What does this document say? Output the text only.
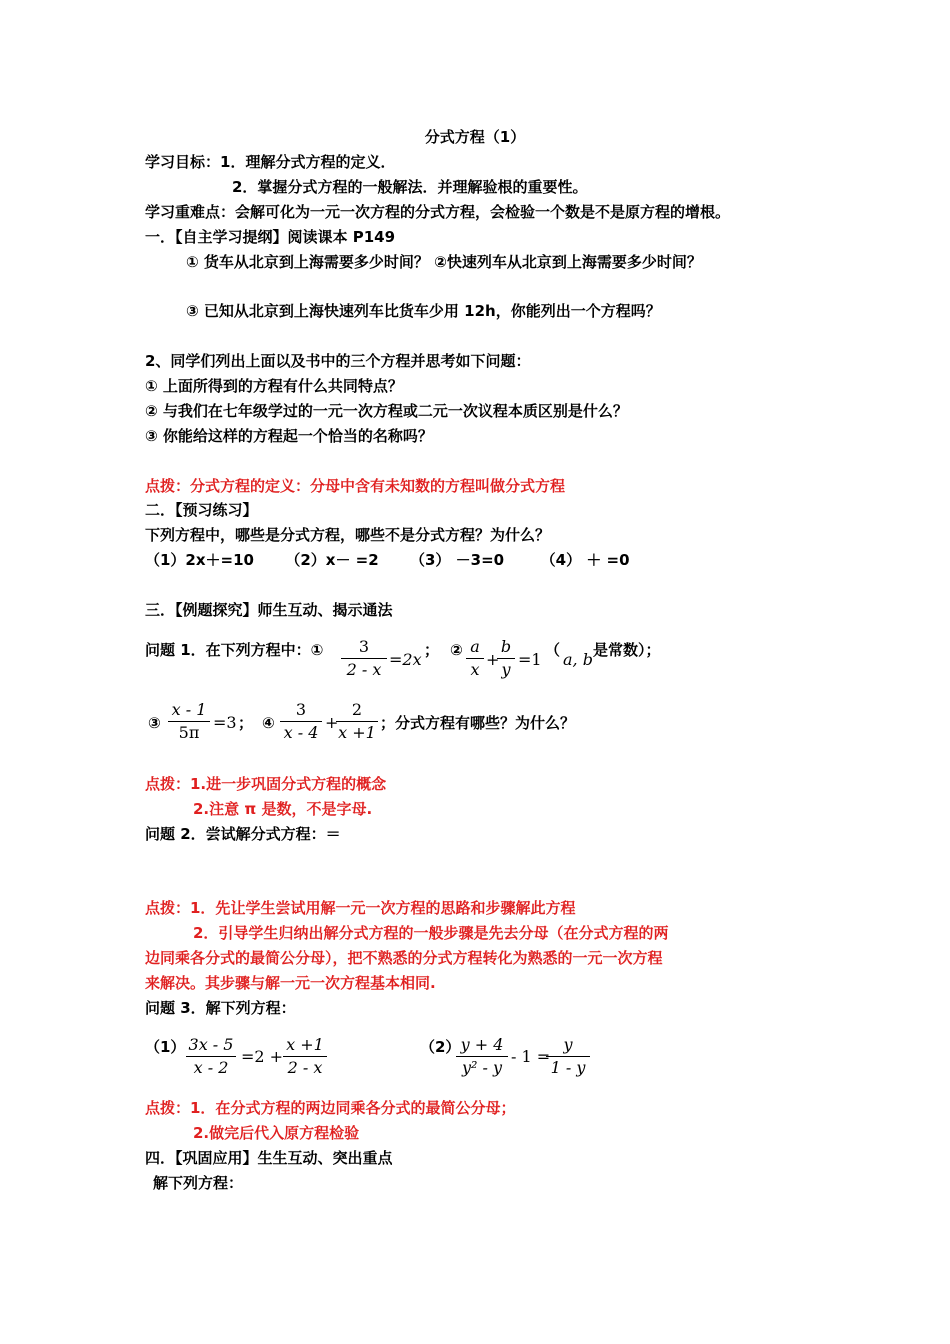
分式方程（1）
学习目标：1．理解分式方程的定义．
2．掌握分式方程的一般解法．并理解验根的重要性。
学习重难点：会解可化为一元一次方程的分式方程，会检验一个数是不是原方程的增根。
一．【自主学习提纲】阅读课本 P149
① 货车从北京到上海需要多少时间？ ②快速列车从北京到上海需要多少时间？
③ 已知从北京到上海快速列车比货车少用 12h，你能列出一个方程吗？
2、同学们列出上面以及书中的三个方程并思考如下问题：
① 上面所得到的方程有什么共同特点？
② 与我们在七年级学过的一元一次方程或二元一次议程本质区别是什么？
③ 你能给这样的方程起一个恰当的名称吗？
点拨：分式方程的定义：分母中含有未知数的方程叫做分式方程
二．【预习练习】
下列方程中，哪些是分式方程，哪些不是分式方程？为什么？
（1）2x＋=10      （2）x－ =2      （3） －3=0       （4） ＋ =0
三．【例题探究】师生互动、揭示通法
问题 1．在下列方程中：①	3
2 - x
=2x ； ② a
x
+
b
y
=1 （ a, b 是常数）；
③
x - 1
5π
=3 ； ④
3
x - 4
+
2
x +1 ；分式方程有哪些？为什么？
点拨：1.进一步巩固分式方程的概念
2.注意 π 是数，不是字母.
问题 2．尝试解分式方程：＝
点拨：1．先让学生尝试用解一元一次方程的思路和步骤解此方程
2．引导学生归纳出解分式方程的一般步骤是先去分母（在分式方程的两
边同乘各分式的最简公分母），把不熟悉的分式方程转化为熟悉的一元一次方程
来解决。其步骤与解一元一次方程基本相同.
问题 3．解下列方程：
（1） 3x - 5
x - 2
=2 +
x +1
2 - x
（2） y + 4
y² - y
- 1 =
y
1 - y
点拨：1．在分式方程的两边同乘各分式的最简公分母；
2.做完后代入原方程检验
四．【巩固应用】生生互动、突出重点
解下列方程：
